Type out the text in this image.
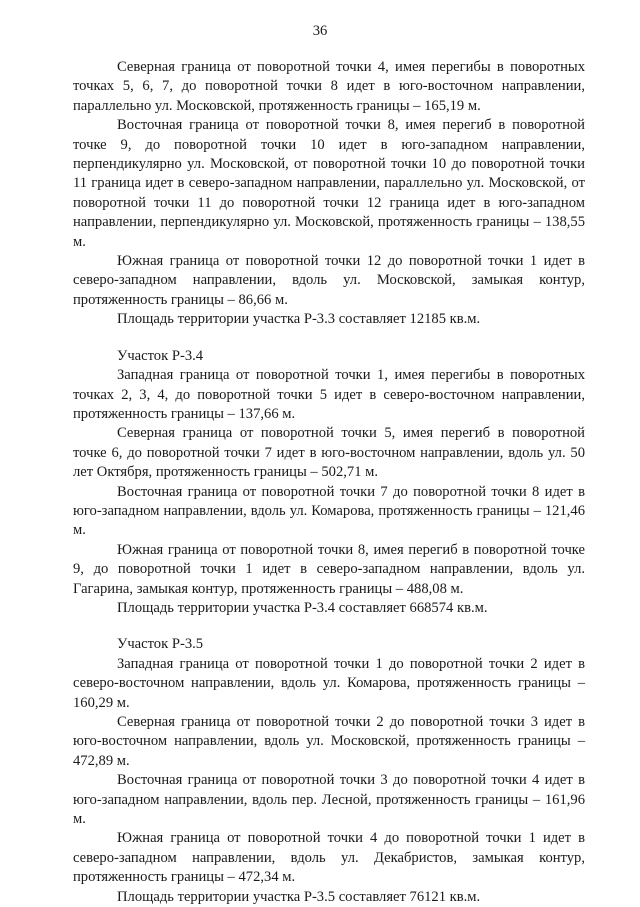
36

Северная граница от поворотной точки 4, имея перегибы в поворотных точках 5, 6, 7, до поворотной точки 8 идет в юго-восточном направлении, параллельно ул. Московской, протяженность границы – 165,19 м.

Восточная граница от поворотной точки 8, имея перегиб в поворотной точке 9, до поворотной точки 10 идет в юго-западном направлении, перпендикулярно ул. Московской, от поворотной точки 10 до поворотной точки 11 граница идет в северо-западном направлении, параллельно ул. Московской, от поворотной точки 11 до поворотной точки 12 граница идет в юго-западном направлении, перпендикулярно ул. Московской, протяженность границы – 138,55 м.

Южная граница от поворотной точки 12 до поворотной точки 1 идет в северо-западном направлении, вдоль ул. Московской, замыкая контур, протяженность границы – 86,66 м.

Площадь территории участка Р-3.3 составляет 12185 кв.м.

Участок Р-3.4

Западная граница от поворотной точки 1, имея перегибы в поворотных точках 2, 3, 4, до поворотной точки 5 идет в северо-восточном направлении, протяженность границы – 137,66 м.

Северная граница от поворотной точки 5, имея перегиб в поворотной точке 6, до поворотной точки 7 идет в юго-восточном направлении, вдоль ул. 50 лет Октября, протяженность границы – 502,71 м.

Восточная граница от поворотной точки 7 до поворотной точки 8 идет в юго-западном направлении, вдоль ул. Комарова, протяженность границы – 121,46 м.

Южная граница от поворотной точки 8, имея перегиб в поворотной точке 9, до поворотной точки 1 идет в северо-западном направлении, вдоль ул. Гагарина, замыкая контур, протяженность границы – 488,08 м.

Площадь территории участка Р-3.4 составляет 668574 кв.м.

Участок Р-3.5

Западная граница от поворотной точки 1 до поворотной точки 2 идет в северо-восточном направлении, вдоль ул. Комарова, протяженность границы – 160,29 м.

Северная граница от поворотной точки 2 до поворотной точки 3 идет в юго-восточном направлении, вдоль ул. Московской, протяженность границы – 472,89 м.

Восточная граница от поворотной точки 3 до поворотной точки 4 идет в юго-западном направлении, вдоль пер. Лесной, протяженность границы – 161,96 м.

Южная граница от поворотной точки 4 до поворотной точки 1 идет в северо-западном направлении, вдоль ул. Декабристов, замыкая контур, протяженность границы – 472,34 м.

Площадь территории участка Р-3.5 составляет 76121 кв.м.
